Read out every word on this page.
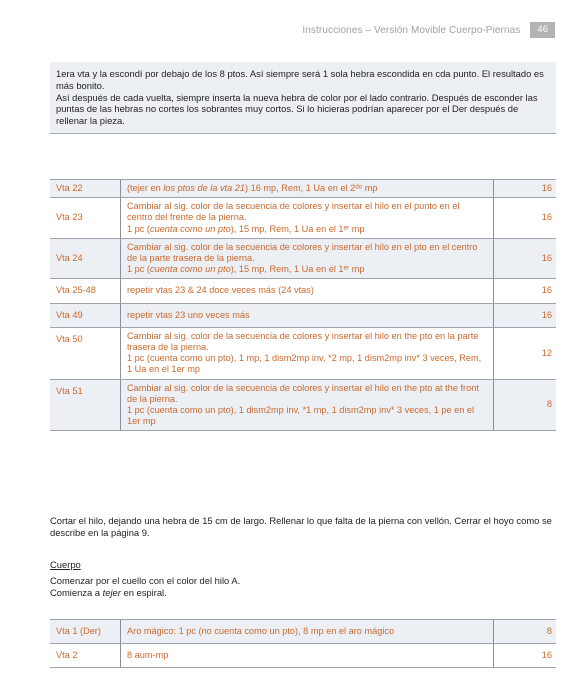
Instrucciones – Versión Movible Cuerpo-Piernas	46

1era vta y la escondí por debajo de los 8 ptos. Así siempre será 1 sola hebra escondida en cda punto. El resultado es más bonito.

Así después de cada vuelta, siempre inserta la nueva hebra de color por el lado contrario. Después de esconder las puntas de las hebras no cortes los sobrantes muy cortos. Si lo hicieras podrían aparecer por el Der después de rellenar la pieza.

Vta 22	(tejer en los ptos de la vta 21) 16 mp, Rem, 1 Ua en el 2ᵈᵒ mp	16
Vta 23	Cambiar al sig. color de la secuencia de colores y insertar el hilo en el punto en el centro del frente de la pierna.
1 pc (cuenta como un pto), 15 mp, Rem, 1 Ua en el 1ᵉʳ mp	16
Vta 24	Cambiar al sig. color de la secuencia de colores y insertar el hilo en el pto en el centro de la parte trasera de la pierna.
1 pc (cuenta como un pto), 15 mp, Rem, 1 Ua en el 1ᵉʳ mp	16
Vta 25-48	repetir vtas 23 & 24 doce veces más (24 vtas)	16
Vta 49	repetir vtas 23 uno veces más	16
Vta 50	Cambiar al sig. color de la secuencia de colores y insertar el hilo en the pto en la parte trasera de la pierna.
1 pc (cuenta como un pto), 1 mp, 1 dism2mp inv, *2 mp, 1 dism2mp inv* 3 veces, Rem, 1 Ua en el 1er mp	12
Vta 51	Cambiar al sig. color de la secuencia de colores y insertar el hilo en the pto at the front de la pierna.
1 pc (cuenta como un pto), 1 dism2mp inv, *1 mp, 1 dism2mp inv* 3 veces, 1 pe en el 1er mp	8
Cortar el hilo, dejando una hebra de 15 cm de largo. Rellenar lo que falta de la pierna con vellón. Cerrar el hoyo como se describe en la página 9.
Cuerpo
Comenzar por el cuello con el color del hilo A.
Comienza a tejer en espiral.
Vta 1 (Der)	Aro mágico: 1 pc (no cuenta como un pto), 8 mp en el aro mágico	8
Vta 2	8 aum-mp	16
